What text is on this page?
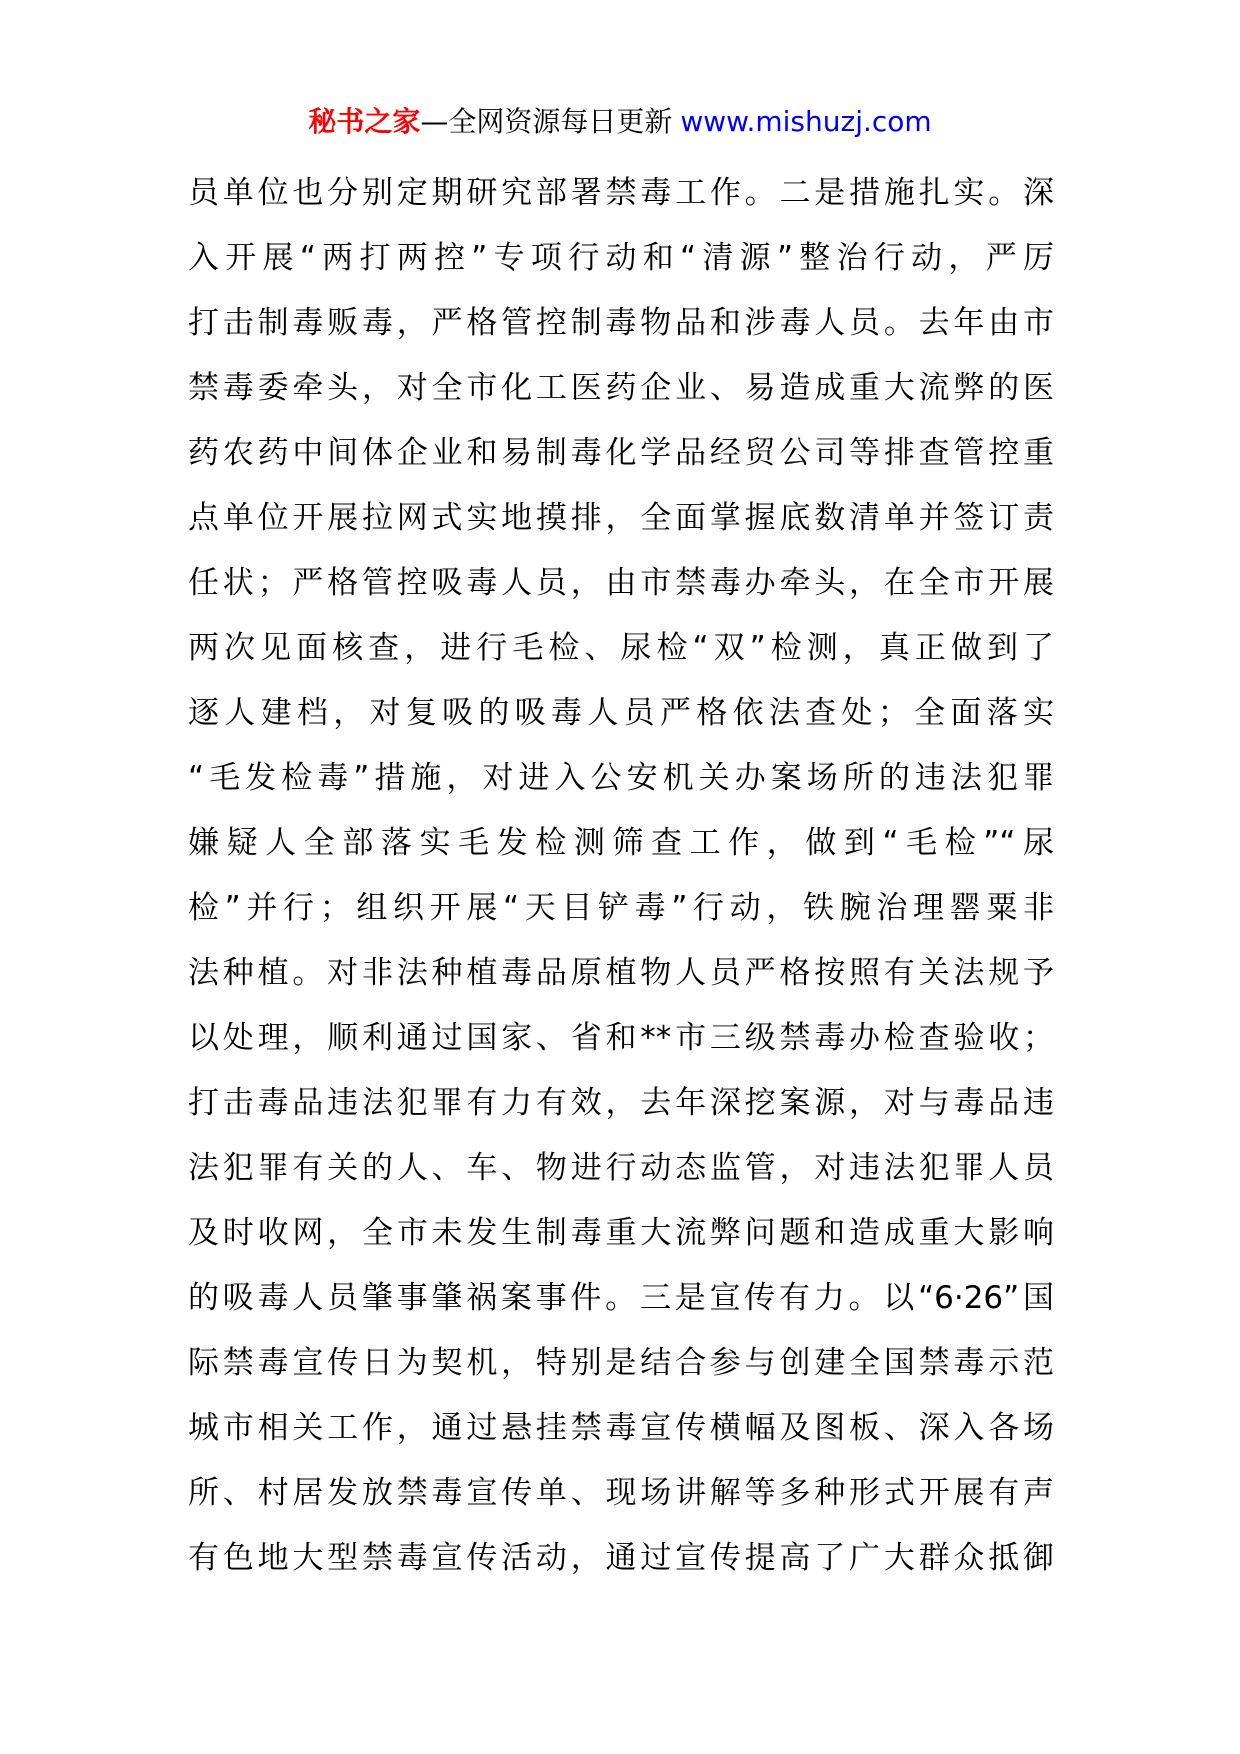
秘书之家—全网资源每日更新 www.mishuzj.com
员单位也分别定期研究部署禁毒工作。二是措施扎实。深
入开展“两打两控”专项行动和“清源”整治行动，严厉
打击制毒贩毒，严格管控制毒物品和涉毒人员。去年由市
禁毒委牵头，对全市化工医药企业、易造成重大流弊的医
药农药中间体企业和易制毒化学品经贸公司等排查管控重
点单位开展拉网式实地摸排，全面掌握底数清单并签订责
任状；严格管控吸毒人员，由市禁毒办牵头，在全市开展
两次见面核查，进行毛检、尿检“双”检测，真正做到了
逐人建档，对复吸的吸毒人员严格依法查处；全面落实
“毛发检毒”措施，对进入公安机关办案场所的违法犯罪
嫌疑人全部落实毛发检测筛查工作，做到“毛检”“尿
检”并行；组织开展“天目铲毒”行动，铁腕治理罂粟非
法种植。对非法种植毒品原植物人员严格按照有关法规予
以处理，顺利通过国家、省和**市三级禁毒办检查验收；
打击毒品违法犯罪有力有效，去年深挖案源，对与毒品违
法犯罪有关的人、车、物进行动态监管，对违法犯罪人员
及时收网，全市未发生制毒重大流弊问题和造成重大影响
的吸毒人员肇事肇祸案事件。三是宣传有力。以“6·26”国
际禁毒宣传日为契机，特别是结合参与创建全国禁毒示范
城市相关工作，通过悬挂禁毒宣传横幅及图板、深入各场
所、村居发放禁毒宣传单、现场讲解等多种形式开展有声
有色地大型禁毒宣传活动，通过宣传提高了广大群众抵御
